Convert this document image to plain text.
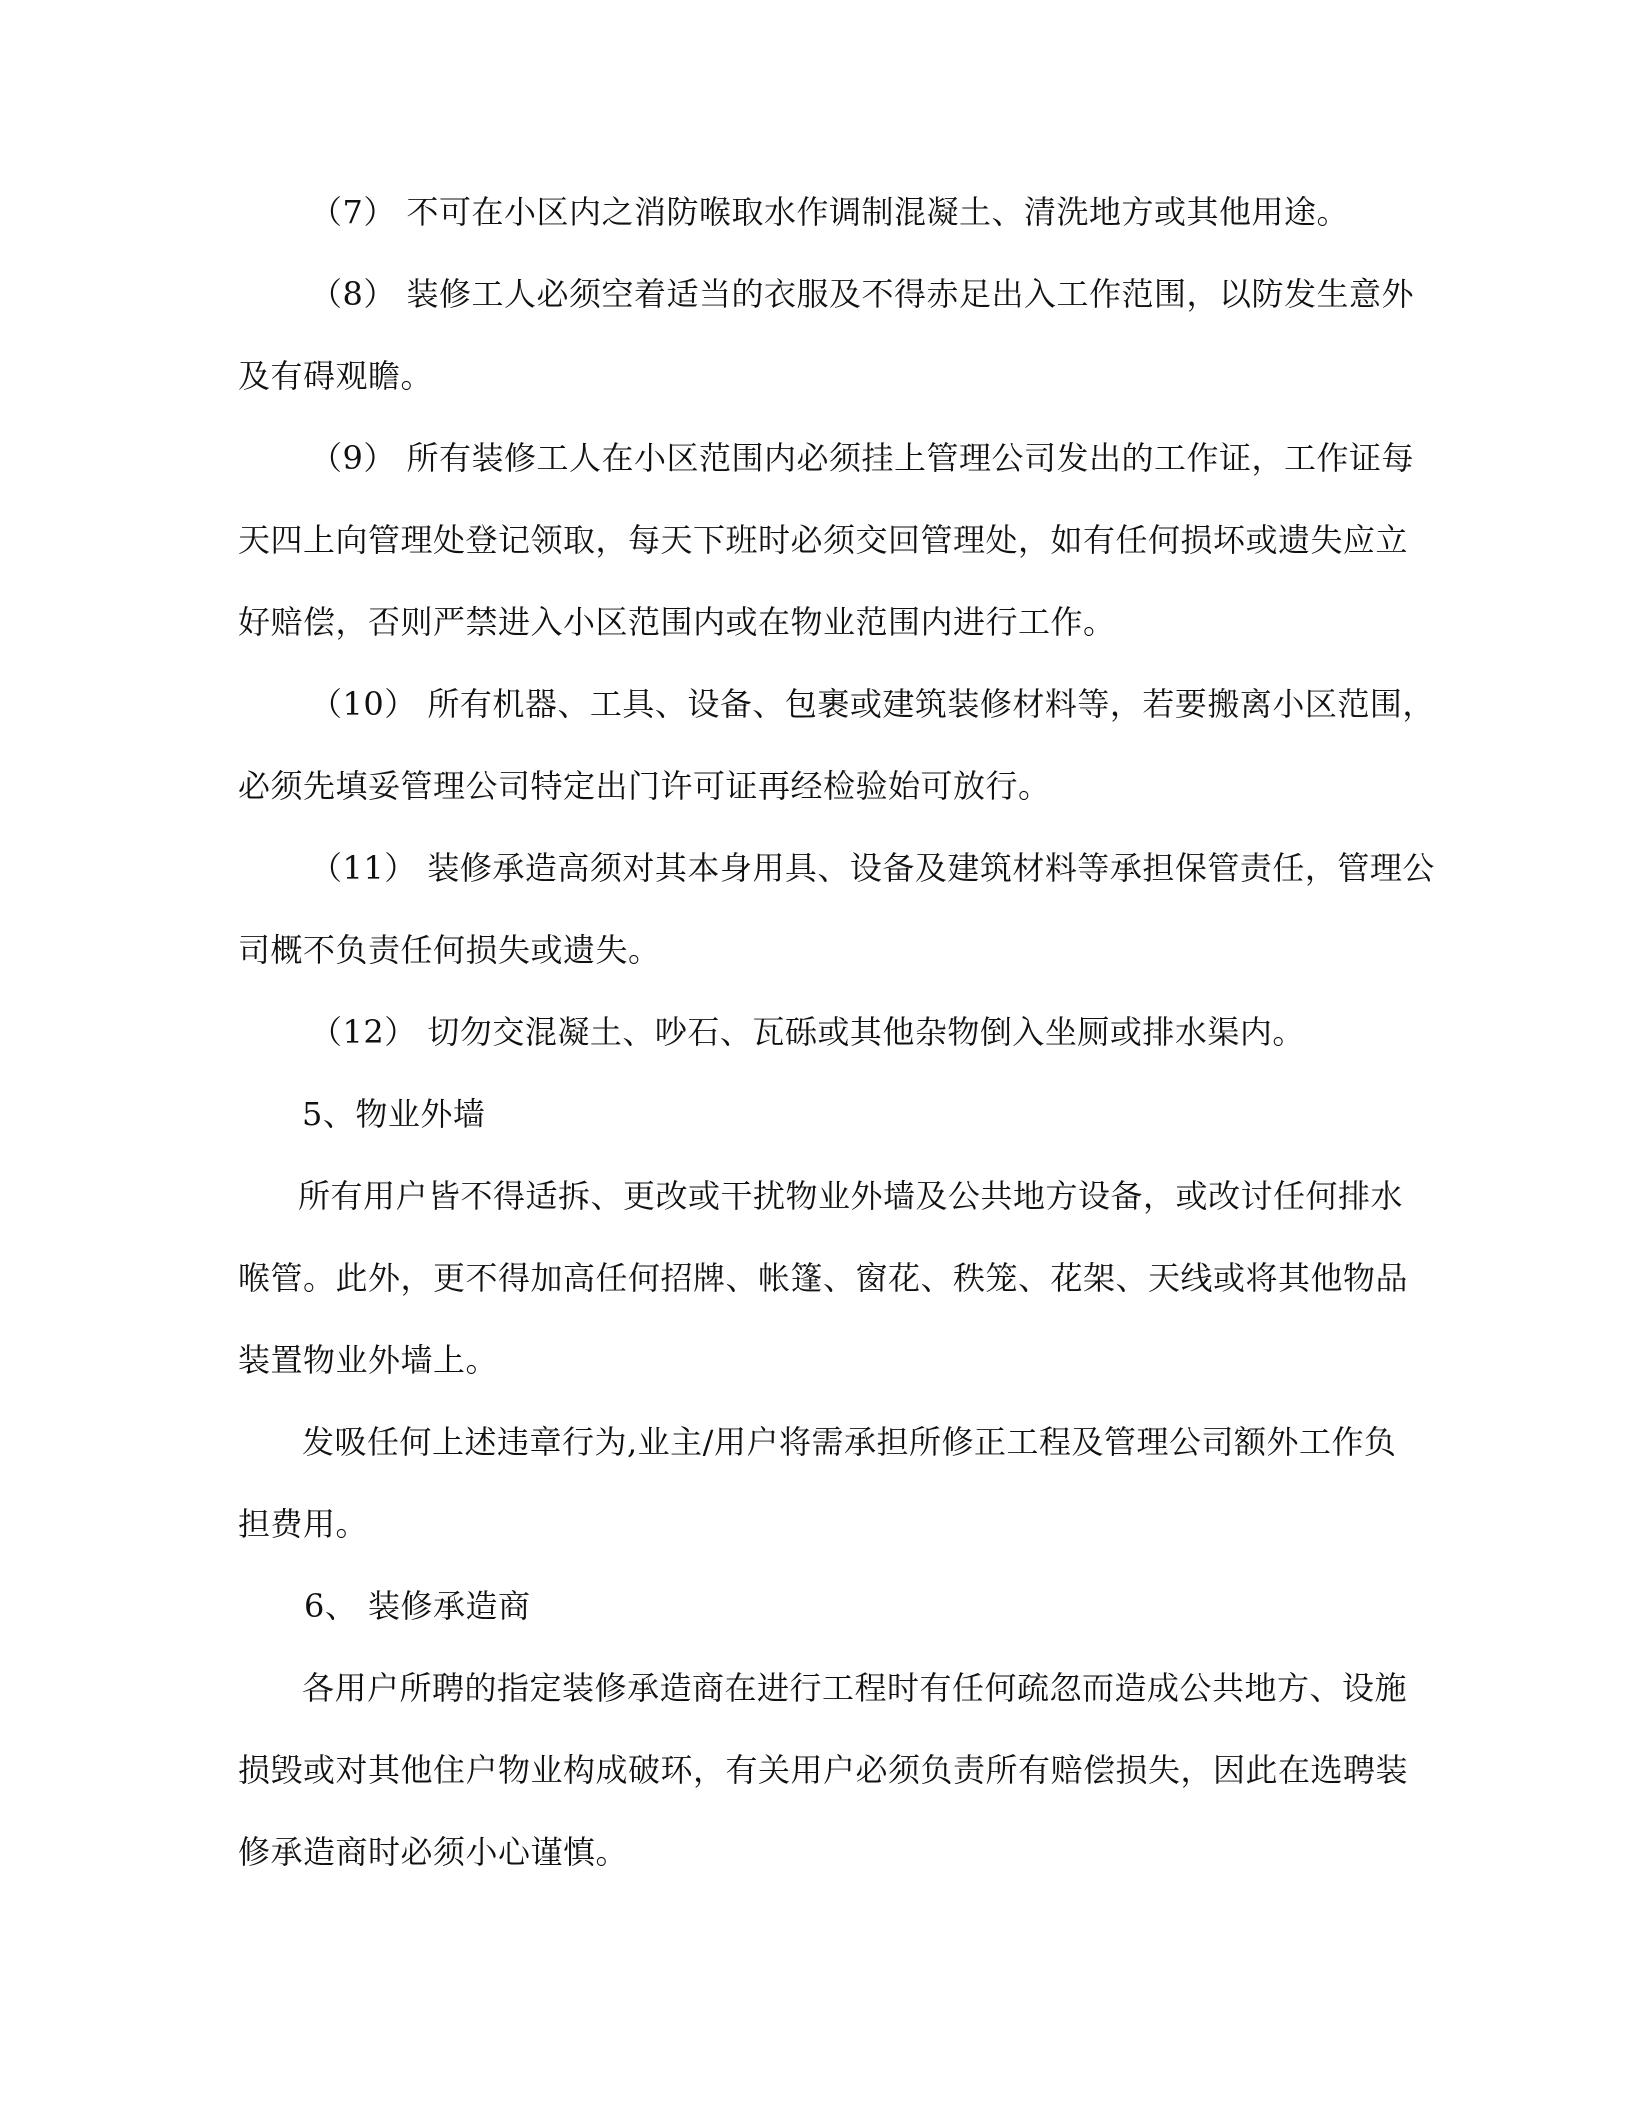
（7） 不可在小区内之消防喉取水作调制混凝土、清洗地方或其他用途。
（8） 装修工人必须空着适当的衣服及不得赤足出入工作范围，以防发生意外
及有碍观瞻。
（9） 所有装修工人在小区范围内必须挂上管理公司发出的工作证，工作证每
天四上向管理处登记领取，每天下班时必须交回管理处，如有任何损坏或遗失应立
好赔偿，否则严禁进入小区范围内或在物业范围内进行工作。
（10） 所有机器、工具、设备、包裹或建筑装修材料等，若要搬离小区范围，
必须先填妥管理公司特定出门许可证再经检验始可放行。
（11） 装修承造高须对其本身用具、设备及建筑材料等承担保管责任，管理公
司概不负责任何损失或遗失。
（12） 切勿交混凝土、吵石、瓦砾或其他杂物倒入坐厕或排水渠内。
5、物业外墙
所有用户皆不得适拆、更改或干扰物业外墙及公共地方设备，或改讨任何排水
喉管。此外，更不得加高任何招牌、帐篷、窗花、秩笼、花架、天线或将其他物品
装置物业外墙上。
发吸任何上述违章行为,业主/用户将需承担所修正工程及管理公司额外工作负
担费用。
6、 装修承造商
各用户所聘的指定装修承造商在进行工程时有任何疏忽而造成公共地方、设施
损毁或对其他住户物业构成破环，有关用户必须负责所有赔偿损失，因此在选聘装
修承造商时必须小心谨慎。
